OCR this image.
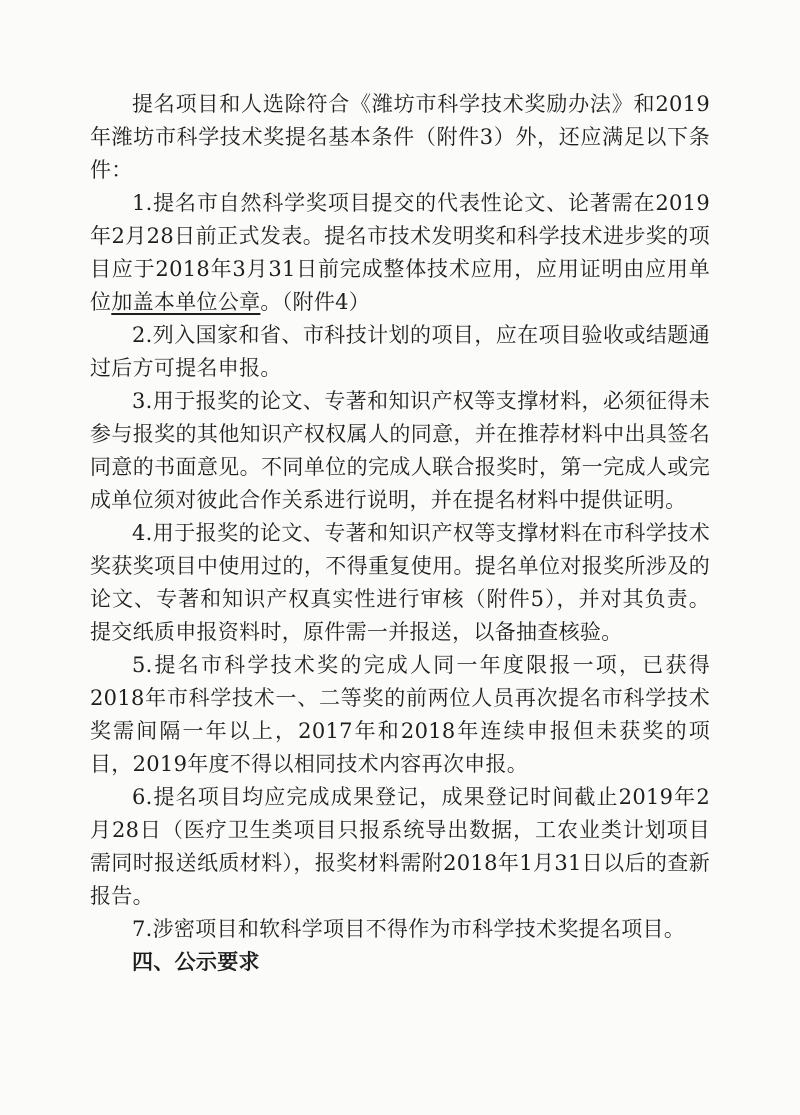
提名项目和人选除符合《潍坊市科学技术奖励办法》和2019年潍坊市科学技术奖提名基本条件（附件3）外，还应满足以下条件：

1.提名市自然科学奖项目提交的代表性论文、论著需在2019年2月28日前正式发表。提名市技术发明奖和科学技术进步奖的项目应于2018年3月31日前完成整体技术应用，应用证明由应用单位加盖本单位公章。（附件4）

2.列入国家和省、市科技计划的项目，应在项目验收或结题通过后方可提名申报。

3.用于报奖的论文、专著和知识产权等支撑材料，必须征得未参与报奖的其他知识产权权属人的同意，并在推荐材料中出具签名同意的书面意见。不同单位的完成人联合报奖时，第一完成人或完成单位须对彼此合作关系进行说明，并在提名材料中提供证明。

4.用于报奖的论文、专著和知识产权等支撑材料在市科学技术奖获奖项目中使用过的，不得重复使用。提名单位对报奖所涉及的论文、专著和知识产权真实性进行审核（附件5），并对其负责。提交纸质申报资料时，原件需一并报送，以备抽查核验。

5.提名市科学技术奖的完成人同一年度限报一项，已获得2018年市科学技术一、二等奖的前两位人员再次提名市科学技术奖需间隔一年以上，2017年和2018年连续申报但未获奖的项目，2019年度不得以相同技术内容再次申报。

6.提名项目均应完成成果登记，成果登记时间截止2019年2月28日（医疗卫生类项目只报系统导出数据，工农业类计划项目需同时报送纸质材料），报奖材料需附2018年1月31日以后的查新报告。

7.涉密项目和软科学项目不得作为市科学技术奖提名项目。

四、公示要求
